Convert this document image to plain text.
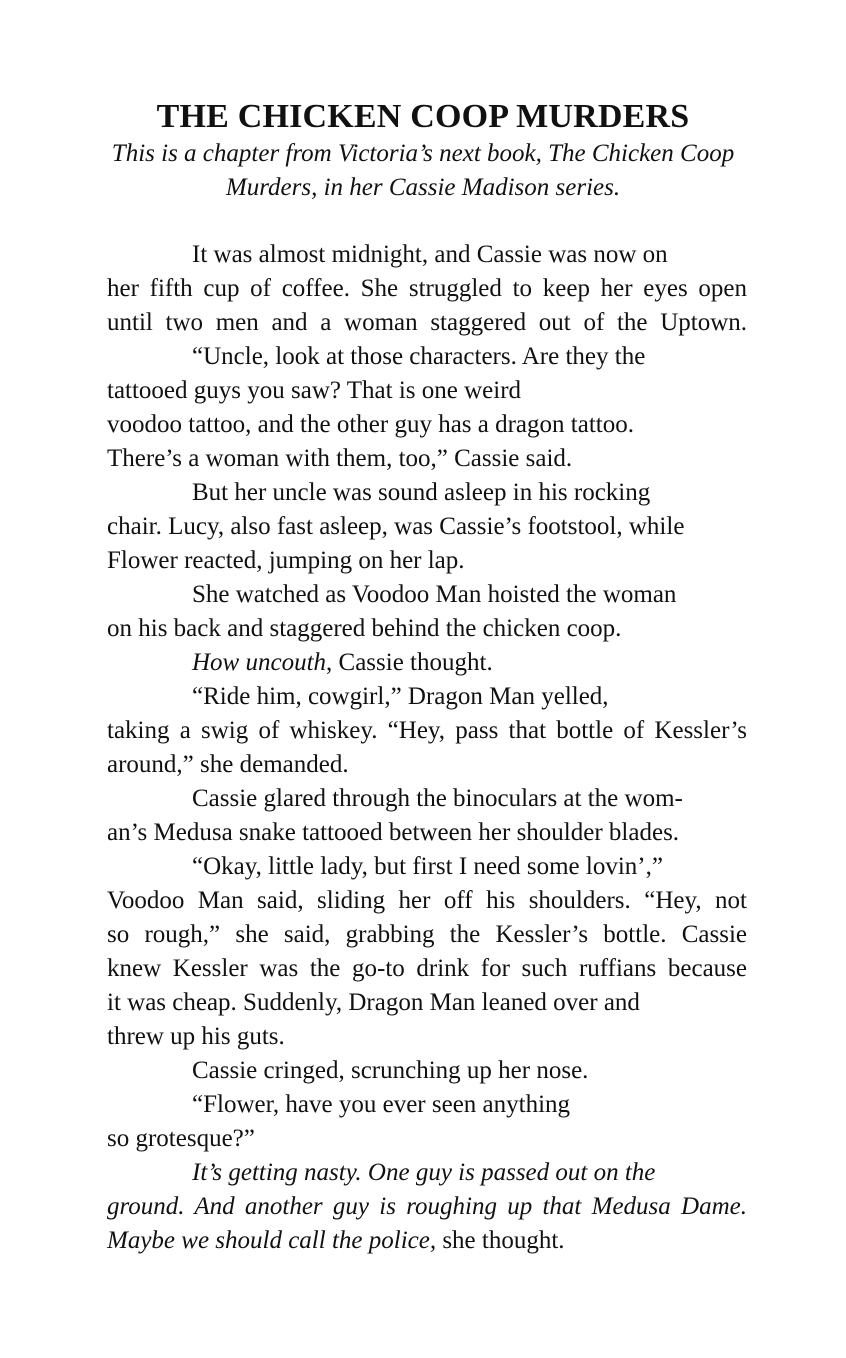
THE CHICKEN COOP MURDERS
This is a chapter from Victoria’s next book, The Chicken Coop
Murders, in her Cassie Madison series.
It was almost midnight, and Cassie was now on
her fifth cup of coffee. She struggled to keep her eyes open
until two men and a woman staggered out of the Uptown.
“Uncle, look at those characters. Are they the
tattooed guys you saw? That is one weird
voodoo tattoo, and the other guy has a dragon tattoo.
There’s a woman with them, too,” Cassie said.
But her uncle was sound asleep in his rocking
chair. Lucy, also fast asleep, was Cassie’s footstool, while
Flower reacted, jumping on her lap.
She watched as Voodoo Man hoisted the woman
on his back and staggered behind the chicken coop.
How uncouth, Cassie thought.
“Ride him, cowgirl,” Dragon Man yelled,
taking a swig of whiskey. “Hey, pass that bottle of Kessler’s
around,” she demanded.
Cassie glared through the binoculars at the wom-
an’s Medusa snake tattooed between her shoulder blades.
“Okay, little lady, but first I need some lovin’,”
Voodoo Man said, sliding her off his shoulders. “Hey, not
so rough,” she said, grabbing the Kessler’s bottle. Cassie
knew Kessler was the go-to drink for such ruffians because
it was cheap. Suddenly, Dragon Man leaned over and
threw up his guts.
Cassie cringed, scrunching up her nose.
“Flower, have you ever seen anything
so grotesque?”
It’s getting nasty. One guy is passed out on the
ground. And another guy is roughing up that Medusa Dame.
Maybe we should call the police, she thought.
